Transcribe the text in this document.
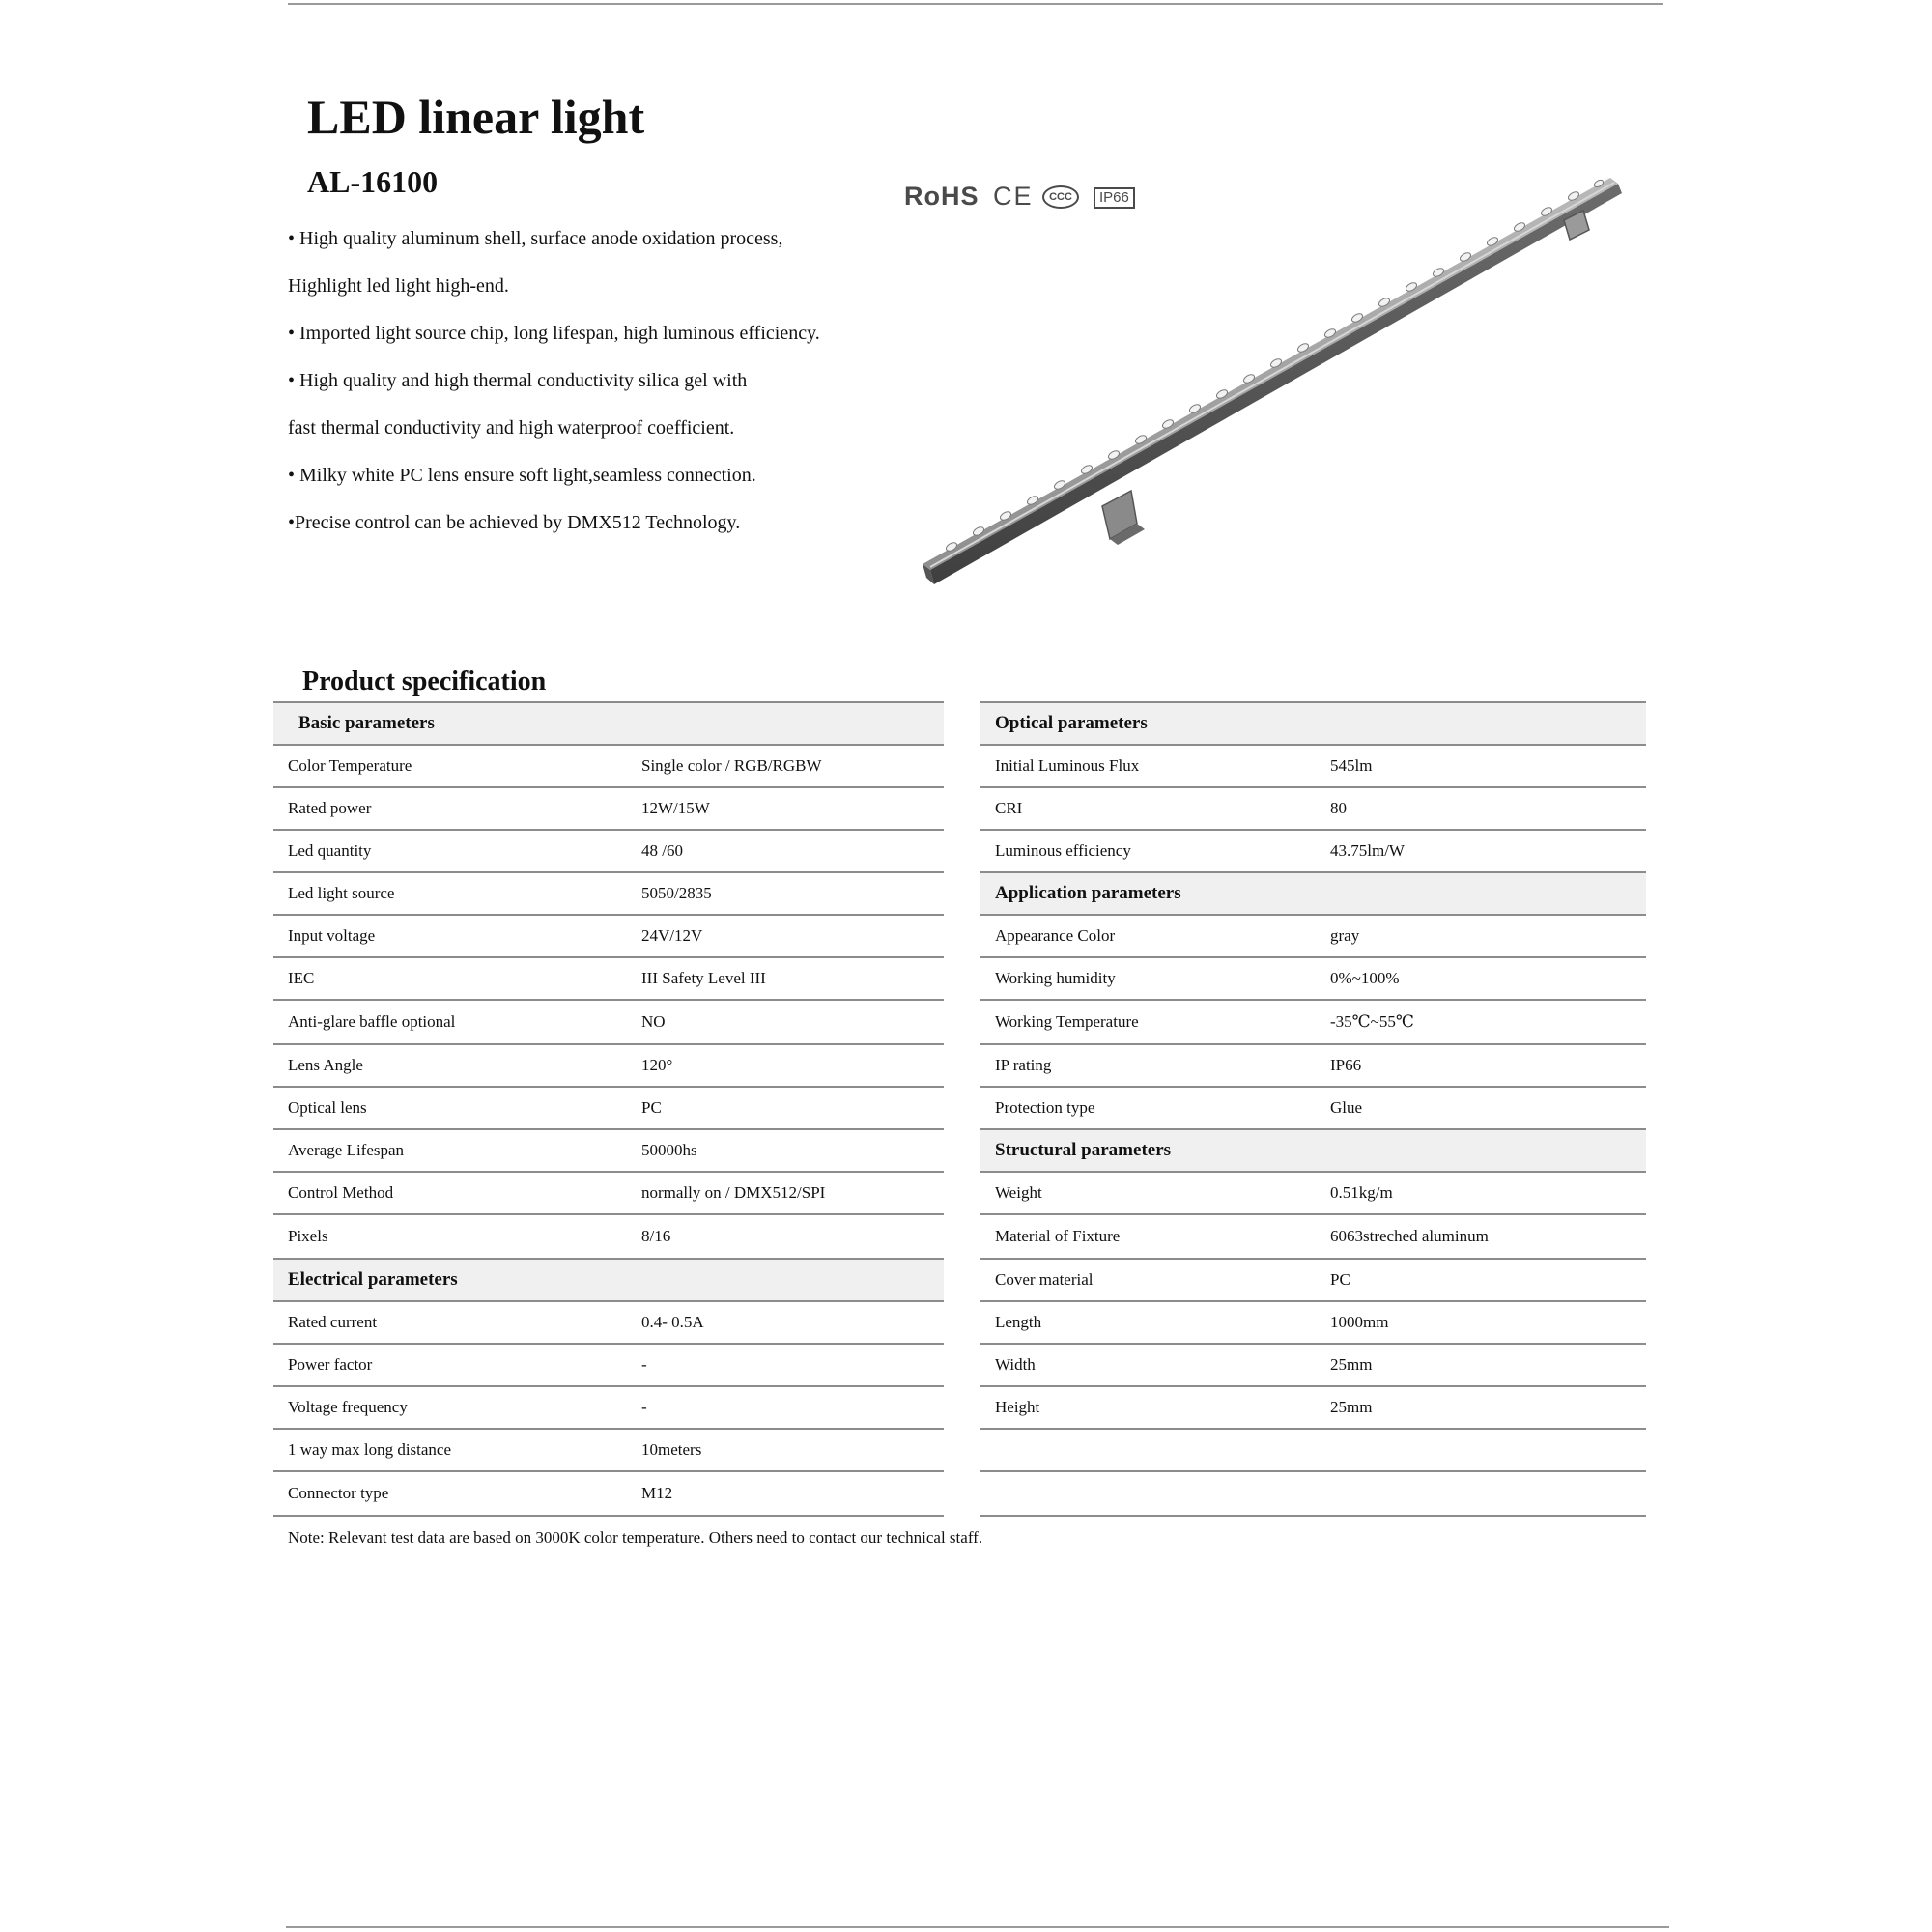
LED linear light
AL-16100
• High quality aluminum shell, surface anode oxidation process,
Highlight led light high-end.
• Imported light source chip, long lifespan, high luminous efficiency.
• High quality and high thermal conductivity silica gel with
fast thermal conductivity and high waterproof coefficient.
• Milky white PC lens ensure soft light,seamless connection.
•Precise control can be achieved by DMX512 Technology.
RoHS CE	CCC	IP66
Product specification
Basic parameters	
Color Temperature	Single color / RGB/RGBW
Rated power	12W/15W
Led quantity	48 /60
Led light source	5050/2835
Input voltage	24V/12V
IEC	III Safety Level III
Anti-glare baffle optional	NO
Lens Angle	120°
Optical lens	PC
Average Lifespan	50000hs
Control Method	normally on / DMX512/SPI
Pixels	8/16
Electrical parameters	
Rated current	0.4- 0.5A
Power factor	-
Voltage frequency	-
1 way max long distance	10meters
Connector type	M12
Optical parameters	
Initial Luminous Flux	545lm
CRI	80
Luminous efficiency	43.75lm/W
Application parameters	
Appearance Color	gray
Working humidity	0%~100%
Working Temperature	-35℃~55℃
IP rating	IP66
Protection type	Glue
Structural parameters	
Weight	0.51kg/m
Material of Fixture	6063streched aluminum
Cover material	PC
Length	1000mm
Width	25mm
Height	25mm

Note: Relevant test data are based on 3000K color temperature. Others need to contact our technical staff.
